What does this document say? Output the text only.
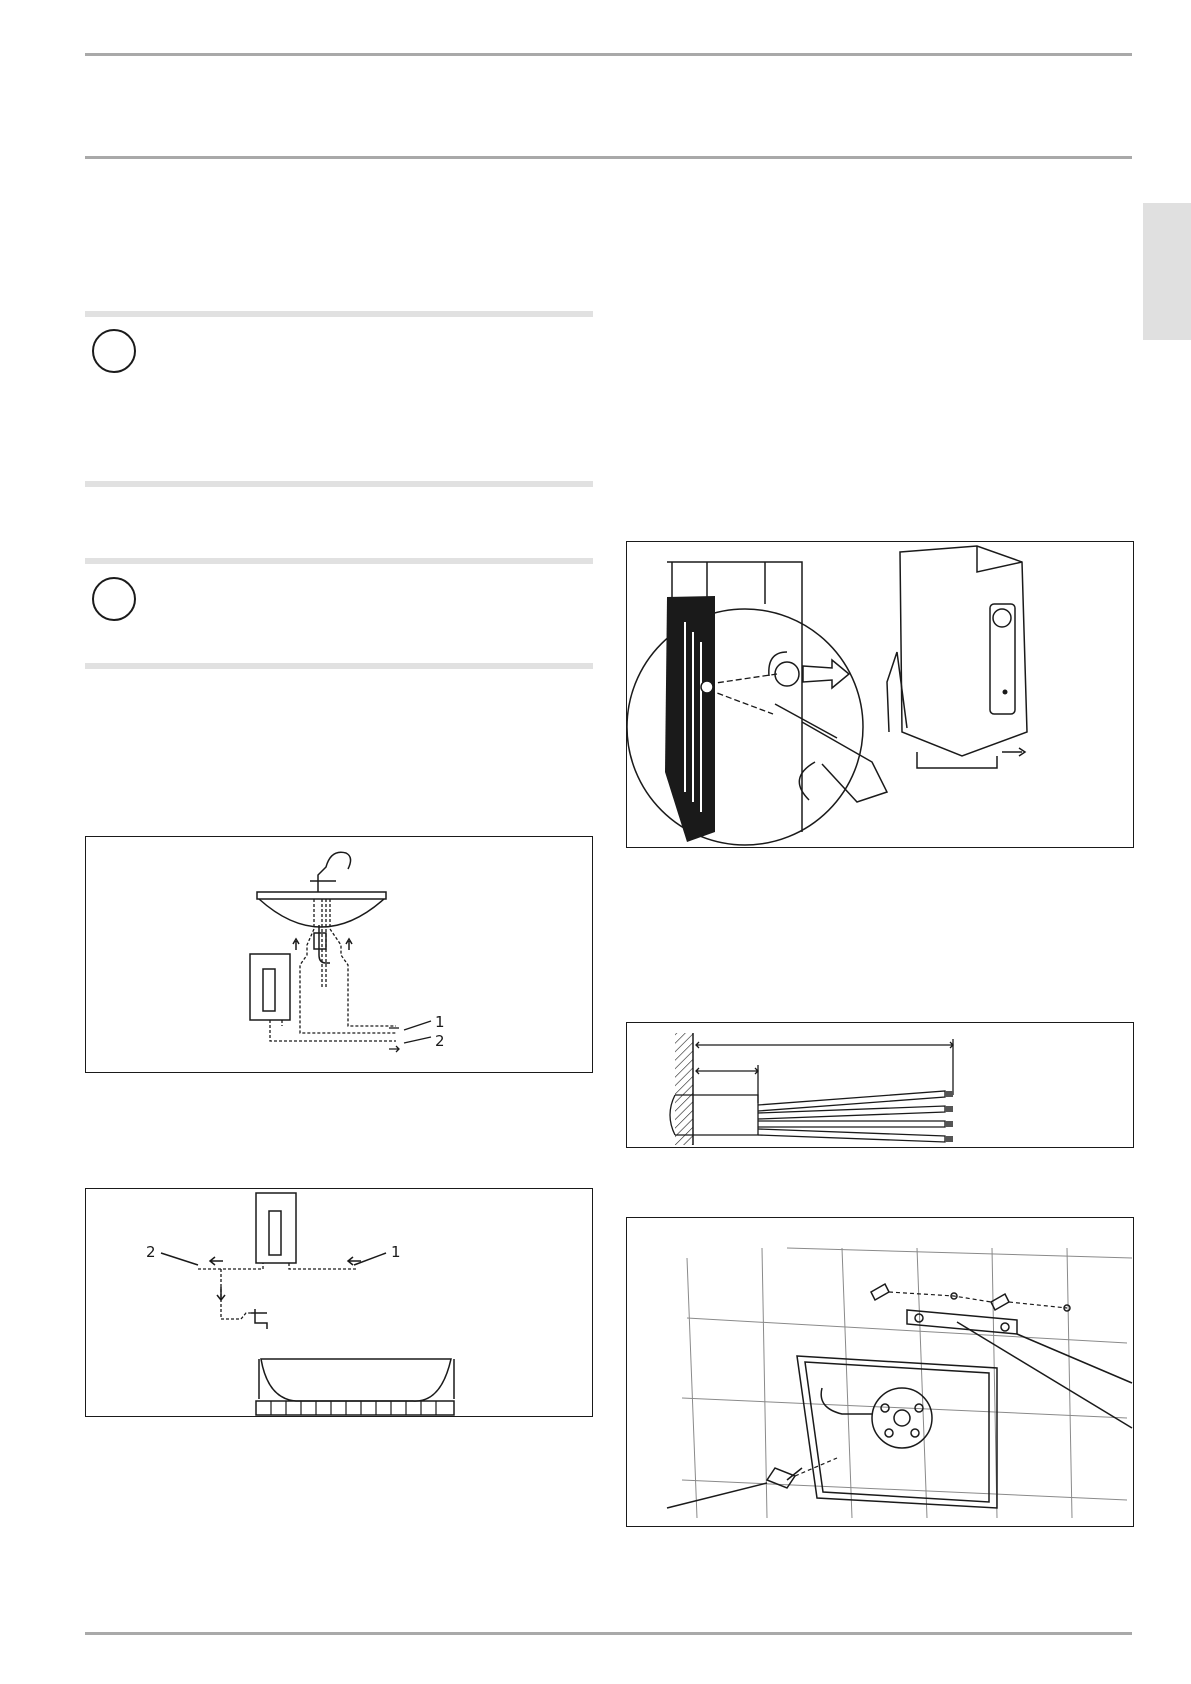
1
2
2	1
